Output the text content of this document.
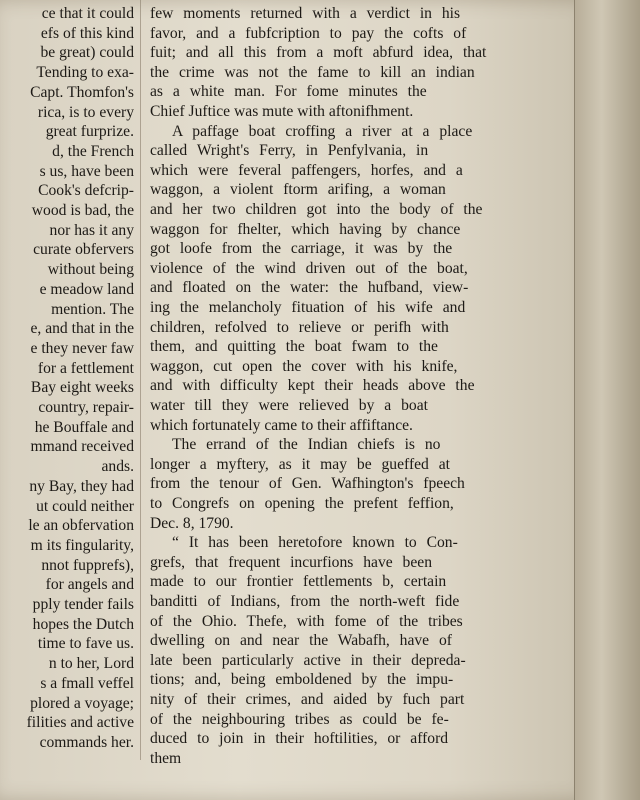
ce that it could
efs of this kind
be great) could
Tending to exa-
Capt. Thomfon's
rica, is to every
great furprize.
d, the French
s us, have been
Cook's defcrip-
wood is bad, the
nor has it any
curate obfervers
without being
e meadow land
mention. The
e, and that in the
e they never faw
for a fettlement
Bay eight weeks
country, repair-
he Bouffale and
mmand received
ands.
ny Bay, they had
ut could neither
le an obfervation
m its fingularity,
nnot fupprefs),
for angels and
pply tender fails
hopes the Dutch
time to fave us.
n to her, Lord
s a fmall veffel
plored a voyage;
filities and active
commands her.
few moments returned with a verdict in his
favor, and a fubfcription to pay the cofts of
fuit; and all this from a moft abfurd idea, that
the crime was not the fame to kill an indian
as a white man. For fome minutes the
Chief Juftice was mute with aftonifhment.
A paffage boat croffing a river at a place
called Wright's Ferry, in Penfylvania, in
which were feveral paffengers, horfes, and a
waggon, a violent ftorm arifing, a woman
and her two children got into the body of the
waggon for fhelter, which having by chance
got loofe from the carriage, it was by the
violence of the wind driven out of the boat,
and floated on the water: the hufband, view-
ing the melancholy fituation of his wife and
children, refolved to relieve or perifh with
them, and quitting the boat fwam to the
waggon, cut open the cover with his knife,
and with difficulty kept their heads above the
water till they were relieved by a boat
which fortunately came to their affiftance.
The errand of the Indian chiefs is no
longer a myftery, as it may be gueffed at
from the tenour of Gen. Wafhington's fpeech
to Congrefs on opening the prefent feffion,
Dec. 8, 1790.
“ It has been heretofore known to Con-
grefs, that frequent incurfions have been
made to our frontier fettlements b, certain
banditti of Indians, from the north-weft fide
of the Ohio. Thefe, with fome of the tribes
dwelling on and near the Wabafh, have of
late been particularly active in their depreda-
tions; and, being emboldened by the impu-
nity of their crimes, and aided by fuch part
of the neighbouring tribes as could be fe-
duced to join in their hoftilities, or afford
them
